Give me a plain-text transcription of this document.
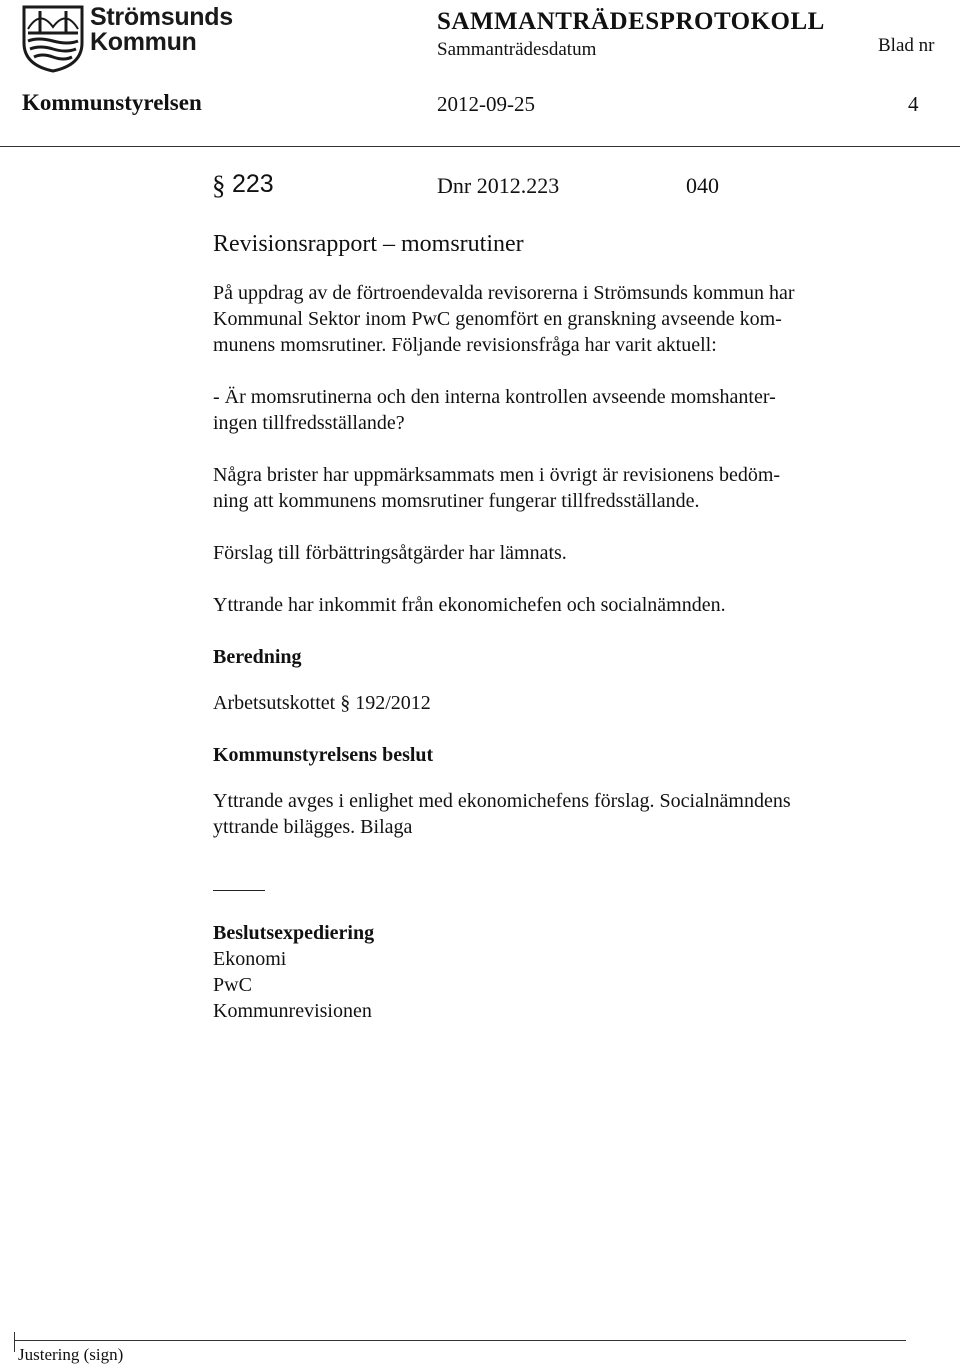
Strömsunds
Kommun
SAMMANTRÄDESPROTOKOLL
Sammanträdesdatum	Blad nr
Kommunstyrelsen	2012-09-25	4
§ 223	Dnr 2012.223	040

Revisionsrapport – momsrutiner

På uppdrag av de förtroendevalda revisorerna i Strömsunds kommun har

Kommunal Sektor inom PwC genomfört en granskning avseende kom-

munens momsrutiner. Följande revisionsfråga har varit aktuell:

- Är momsrutinerna och den interna kontrollen avseende momshanter-

ingen tillfredsställande?

Några brister har uppmärksammats men i övrigt är revisionens bedöm-

ning att kommunens momsrutiner fungerar tillfredsställande.

Förslag till förbättringsåtgärder har lämnats.

Yttrande har inkommit från ekonomichefen och socialnämnden.

Beredning

Arbetsutskottet § 192/2012

Kommunstyrelsens beslut

Yttrande avges i enlighet med ekonomichefens förslag. Socialnämndens

yttrande bilägges. Bilaga

Beslutsexpediering

Ekonomi

PwC

Kommunrevisionen

Justering (sign)
